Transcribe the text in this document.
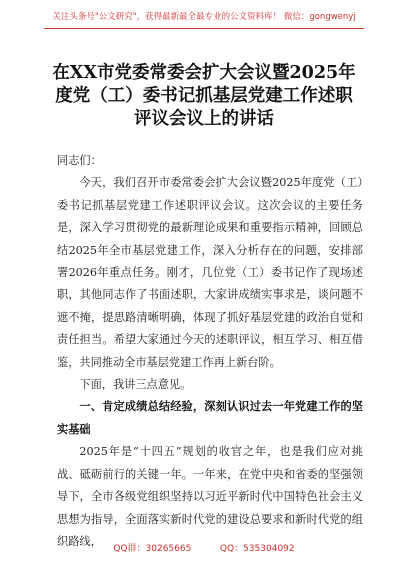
关注头条号"公文研究"，获得最新最全最专业的公文资料库！ 微信：gongwenyj
在XX市党委常委会扩大会议暨2025年度党（工）委书记抓基层党建工作述职评议会议上的讲话

同志们：

今天，我们召开市委常委会扩大会议暨2025年度党（工）委书记抓基层党建工作述职评议会议。这次会议的主要任务是，深入学习贯彻党的最新理论成果和重要指示精神，回顾总结2025年全市基层党建工作，深入分析存在的问题，安排部署2026年重点任务。刚才，几位党（工）委书记作了现场述职，其他同志作了书面述职，大家讲成绩实事求是，谈问题不遮不掩，提思路清晰明确，体现了抓好基层党建的政治自觉和责任担当。希望大家通过今天的述职评议，相互学习、相互借鉴，共同推动全市基层党建工作再上新台阶。

下面，我讲三点意见。

一、肯定成绩总结经验，深刻认识过去一年党建工作的坚实基础

2025年是“十四五”规划的收官之年，也是我们应对挑战、砥砺前行的关键一年。一年来，在党中央和省委的坚强领导下，全市各级党组织坚持以习近平新时代中国特色社会主义思想为指导，全面落实新时代党的建设总要求和新时代党的组织路线，

QQ群：30265665          QQ：535304092
